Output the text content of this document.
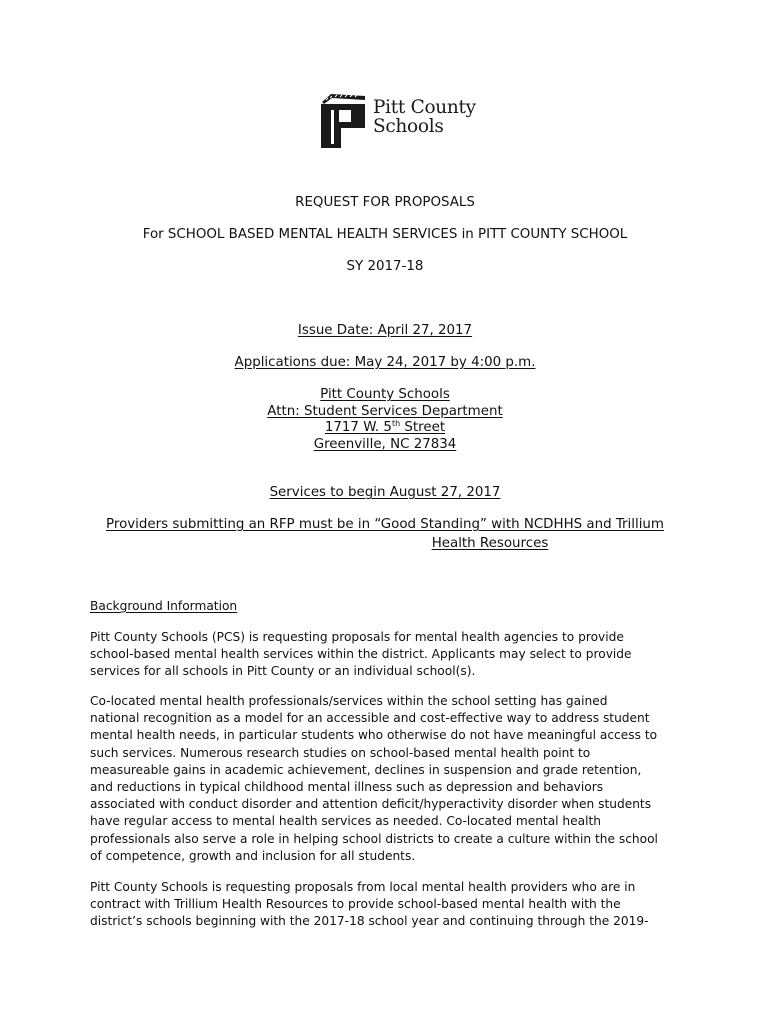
Pitt County
Schools
REQUEST FOR PROPOSALS
For SCHOOL BASED MENTAL HEALTH SERVICES in PITT COUNTY SCHOOL
SY 2017-18
Issue Date: April 27, 2017
Applications due: May 24, 2017 by 4:00 p.m.
Pitt County Schools
Attn: Student Services Department
1717 W. 5th Street
Greenville, NC 27834
Services to begin August 27, 2017
Providers submitting an RFP must be in “Good Standing” with NCDHHS and Trillium
Health Resources
Background Information
Pitt County Schools (PCS) is requesting proposals for mental health agencies to provide
school-based mental health services within the district. Applicants may select to provide
services for all schools in Pitt County or an individual school(s).
Co-located mental health professionals/services within the school setting has gained
national recognition as a model for an accessible and cost-effective way to address student
mental health needs, in particular students who otherwise do not have meaningful access to
such services. Numerous research studies on school-based mental health point to
measureable gains in academic achievement, declines in suspension and grade retention,
and reductions in typical childhood mental illness such as depression and behaviors
associated with conduct disorder and attention deficit/hyperactivity disorder when students
have regular access to mental health services as needed. Co-located mental health
professionals also serve a role in helping school districts to create a culture within the school
of competence, growth and inclusion for all students.
Pitt County Schools is requesting proposals from local mental health providers who are in
contract with Trillium Health Resources to provide school-based mental health with the
district’s schools beginning with the 2017-18 school year and continuing through the 2019-
